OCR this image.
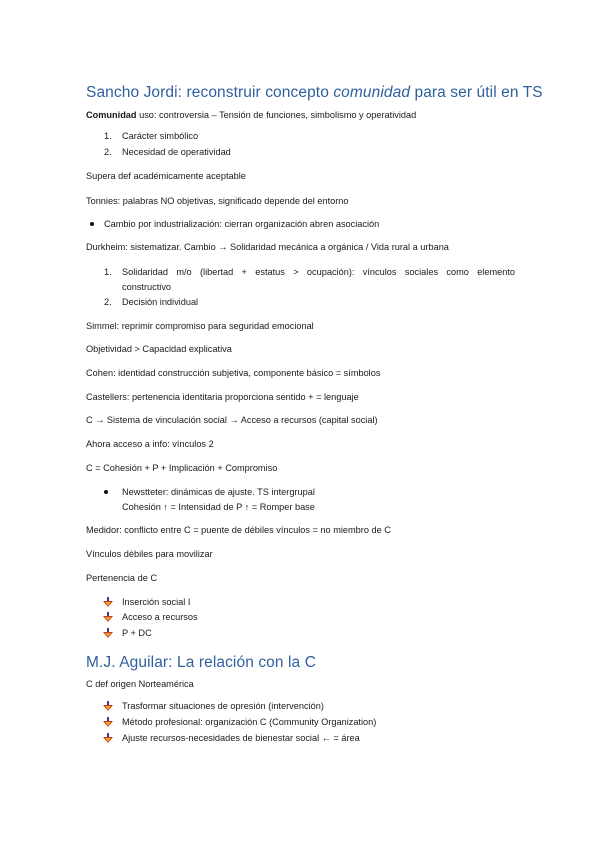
Sancho Jordi: reconstruir concepto comunidad para ser útil en TS
Comunidad uso: controversia – Tensión de funciones, simbolismo y operatividad
1. Carácter simbólico
2. Necesidad de operatividad
Supera def académicamente aceptable
Tonnies: palabras NO objetivas, significado depende del entorno
Cambio por industrialización: cierran organización abren asociación
Durkheim: sistematizar. Cambio → Solidaridad mecánica a orgánica / Vida rural a urbana
1. Solidaridad m/o (libertad + estatus > ocupación): vínculos sociales como elemento
constructivo
2. Decisión individual
Simmel: reprimir compromiso para seguridad emocional
Objetividad > Capacidad explicativa
Cohen: identidad construcción subjetiva, componente básico = símbolos
Castellers: pertenencia identitaria proporciona sentido + = lenguaje
C → Sistema de vinculación social → Acceso a recursos (capital social)
Ahora acceso a info: vínculos 2
C = Cohesión + P + Implicación + Compromiso
Newstteter: dinámicas de ajuste. TS intergrupal
Cohesión ↑ = Intensidad de P ↑ = Romper base
Medidor: conflicto entre C = puente de débiles vínculos = no miembro de C
Vínculos débiles para movilizar
Pertenencia de C
Inserción social I
Acceso a recursos
P + DC
M.J. Aguilar: La relación con la C
C def origen Norteamérica
Trasformar situaciones de opresión (intervención)
Método profesional: organización C (Community Organization)
Ajuste recursos-necesidades de bienestar social ← = área
